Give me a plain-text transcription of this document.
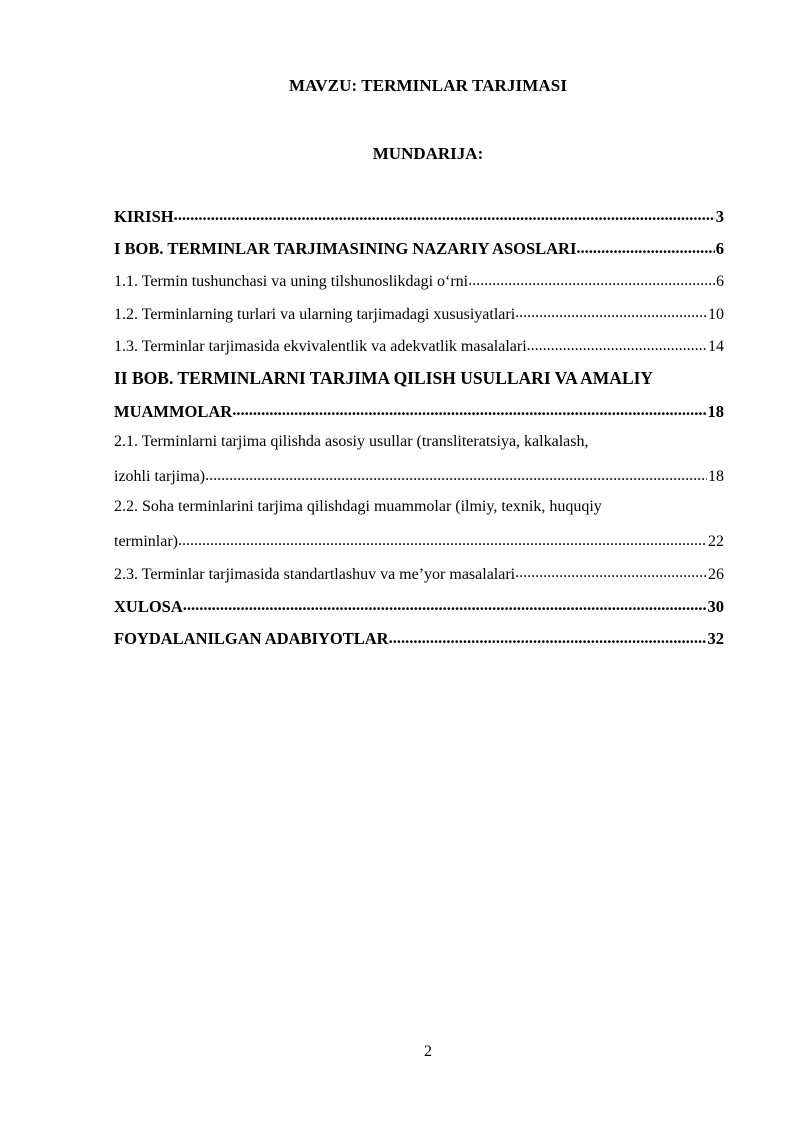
MAVZU: TERMINLAR TARJIMASI
MUNDARIJA:
KIRISH .....	3
I BOB. TERMINLAR TARJIMASINING NAZARIY ASOSLARI .....	6
1.1. Termin tushunchasi va uning tilshunoslikdagi o‘rni .....	6
1.2. Terminlarning turlari va ularning tarjimadagi xususiyatlari .....	10
1.3. Terminlar tarjimasida ekvivalentlik va adekvatlik masalalari .....	14
II BOB. TERMINLARNI TARJIMA QILISH USULLARI VA AMALIY
MUAMMOLAR .....	18
2.1. Terminlarni tarjima qilishda asosiy usullar (transliteratsiya, kalkalash,
izohli tarjima) .....	18
2.2. Soha terminlarini tarjima qilishdagi muammolar (ilmiy, texnik, huquqiy
terminlar) .....	22
2.3. Terminlar tarjimasida standartlashuv va me’yor masalalari .....	26
XULOSA .....	30
FOYDALANILGAN ADABIYOTLAR .....	32
2
